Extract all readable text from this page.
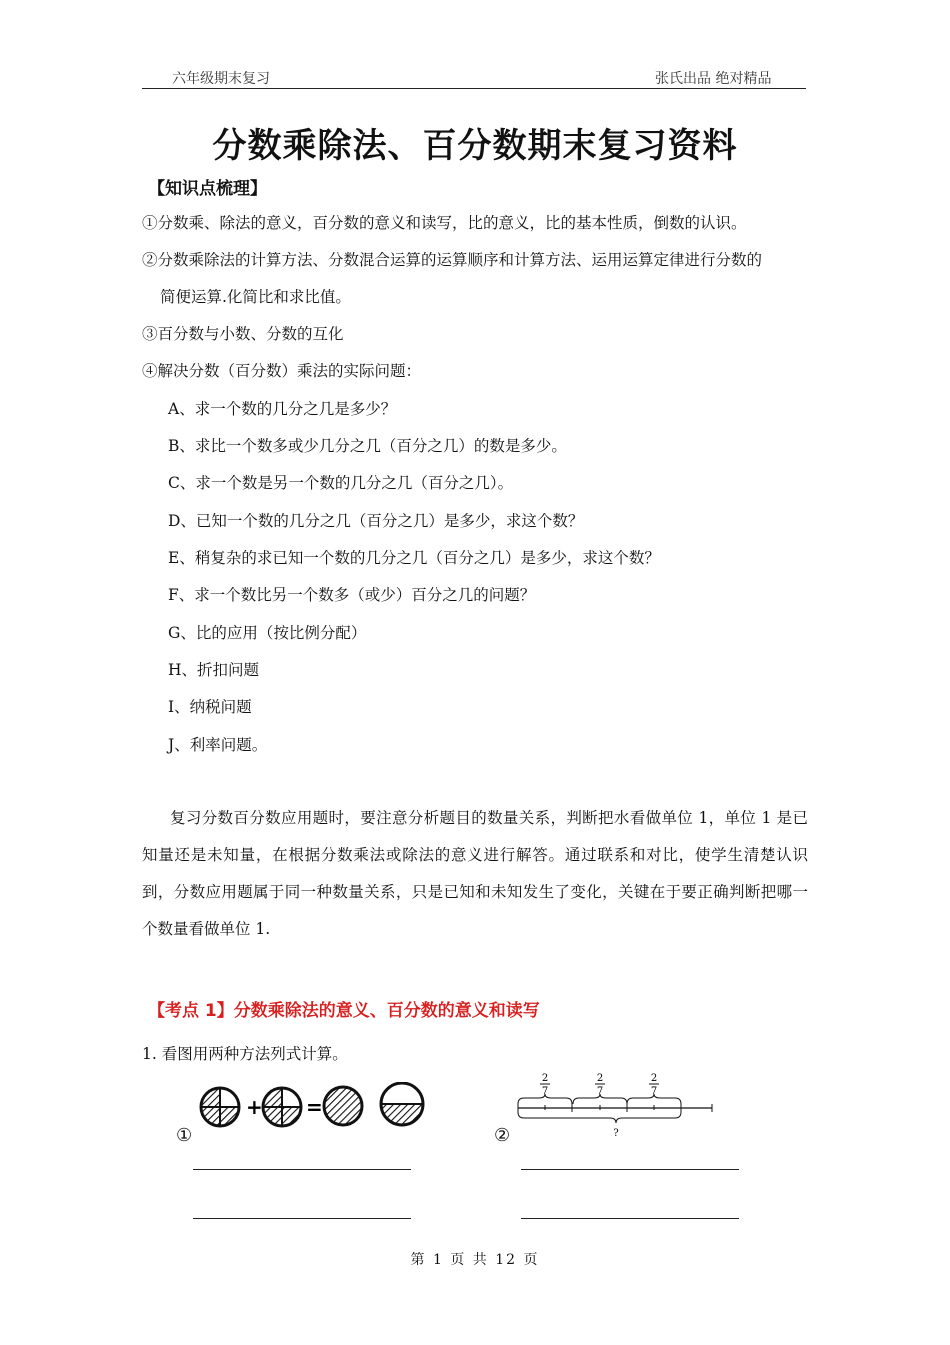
六年级期末复习	张氏出品 绝对精品
分数乘除法、百分数期末复习资料
【知识点梳理】
①分数乘、除法的意义，百分数的意义和读写，比的意义，比的基本性质，倒数的认识。
②分数乘除法的计算方法、分数混合运算的运算顺序和计算方法、运用运算定律进行分数的
简便运算.化简比和求比值。
③百分数与小数、分数的互化
④解决分数（百分数）乘法的实际问题：
A、求一个数的几分之几是多少？
B、求比一个数多或少几分之几（百分之几）的数是多少。
C、求一个数是另一个数的几分之几（百分之几）。
D、已知一个数的几分之几（百分之几）是多少，求这个数？
E、稍复杂的求已知一个数的几分之几（百分之几）是多少，求这个数？
F、求一个数比另一个数多（或少）百分之几的问题？
G、比的应用（按比例分配）
H、折扣问题
I、纳税问题
J、利率问题。
复习分数百分数应用题时，要注意分析题目的数量关系，判断把水看做单位 1，单位 1 是已知量还是未知量，在根据分数乘法或除法的意义进行解答。通过联系和对比，使学生清楚认识到，分数应用题属于同一种数量关系，只是已知和未知发生了变化，关键在于要正确判断把哪一个数量看做单位 1.
【考点 1】分数乘除法的意义、百分数的意义和读写
1. 看图用两种方法列式计算。
①
+ =
②
2
7
2
7
2
7
?
第 1 页 共 12 页
